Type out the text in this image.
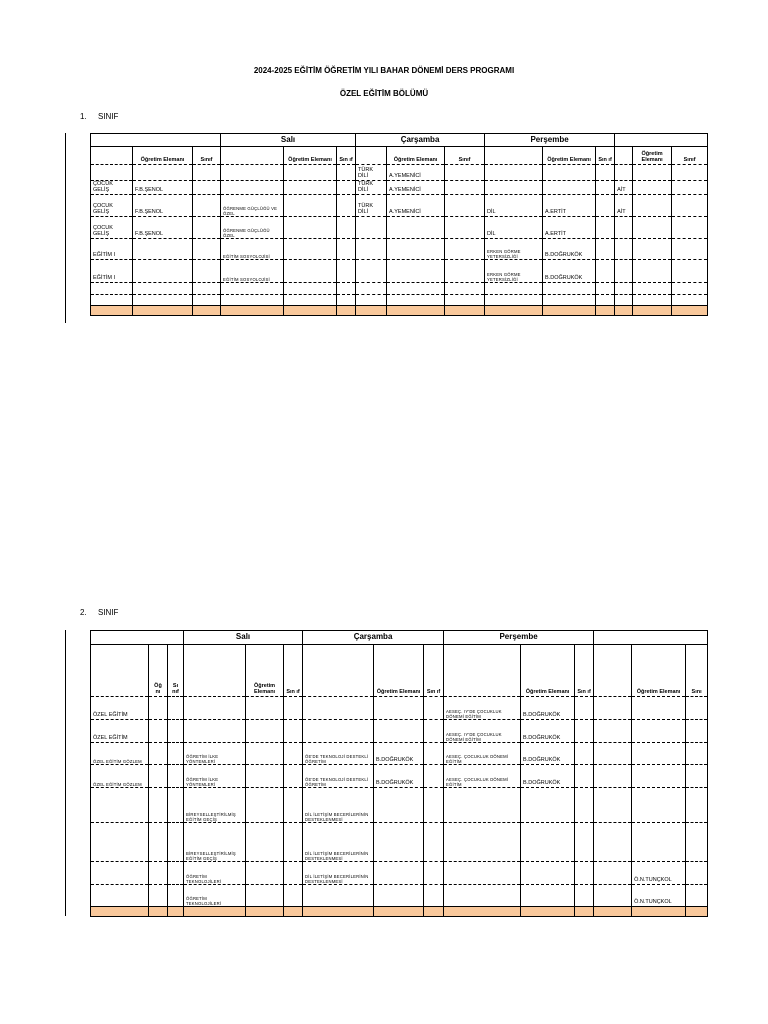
2024-2025 EĞİTİM ÖĞRETİM YILI BAHAR DÖNEMİ DERS PROGRAMI
ÖZEL EĞİTİM BÖLÜMÜ
1. SINIF
			Salı			Çarşamba			Perşembe					
	Öğretim Elemanı	Sınıf		Öğretim Elemanı	Sın ıf		Öğretim Elemanı	Sınıf		Öğretim Elemanı	Sın ıf		Öğretim Elemanı	Sınıf
						TÜRK DİLİ	A.YEMENİCİ							
ÇOCUK GELİŞ	F.B.ŞENOL					TÜRK DİLİ	A.YEMENİCİ					AİT		
ÇOCUK GELİŞ	F.B.ŞENOL		ÖĞRENME GÜÇLÜĞÜ VE ÖZEL			TÜRK DİLİ	A.YEMENİCİ		DİL	A.ERTİT		AİT		
ÇOCUK GELİŞ	F.B.ŞENOL		ÖĞRENME GÜÇLÜĞÜ ÖZEL						DİL	A.ERTİT				
EĞİTİM I			EĞİTİM SOSYOLOJİSİ						ERKEN GÖRME YETERSİZLİĞİ	B.DOĞRUKÖK				
EĞİTİM I			EĞİTİM SOSYOLOJİSİ						ERKEN GÖRME YETERSİZLİĞİ	B.DOĞRUKÖK				

2. SINIF
			Salı			Çarşamba			Perşembe					
	Öğ nı	Sı nıf		Öğretim Elemanı	Sın ıf		Öğretim Elemanı	Sın ıf		Öğretim Elemanı	Sın ıf		Öğretim Elemanı	Sını
ÖZEL EĞİTİM									AESEÇ. IY'DE ÇOCUKLUK DÖNEMİ EĞİTİM	B.DOĞRUKÖK				
ÖZEL EĞİTİM									AESEÇ. IY'DE ÇOCUKLUK DÖNEMİ EĞİTİM	B.DOĞRUKÖK				
ÖZEL EĞİTİM GÖZLEM			ÖĞRETİM İLKE YÖNTEMLERİ			ÖE'DE TEKNOLOJİ DESTEKLİ ÖĞRETİM	B.DOĞRUKÖK		AESEÇ. ÇOCUKLUK DÖNEMİ EĞİTİM	B.DOĞRUKÖK				
ÖZEL EĞİTİM GÖZLEM			ÖĞRETİM İLKE YÖNTEMLERİ			ÖE'DE TEKNOLOJİ DESTEKLİ ÖĞRETİM	B.DOĞRUKÖK		AESEÇ. ÇOCUKLUK DÖNEMİ EĞİTİM	B.DOĞRUKÖK				
			BİREYSELLEŞTİRİLMİŞ EĞİTİM GEÇİŞ			DİL İLETİŞİM BECERİLERİNİN DESTEKLENMESİ								
			BİREYSELLEŞTİRİLMİŞ EĞİTİM GEÇİŞ			DİL İLETİŞİM BECERİLERİNİN DESTEKLENMESİ								
			ÖĞRETİM TEKNOLOJİLERİ			DİL İLETİŞİM BECERİLERİNİN DESTEKLENMESİ							Ö.N.TUNÇKOL	
			ÖĞRETİM TEKNOLOJİLERİ										Ö.N.TUNÇKOL	
